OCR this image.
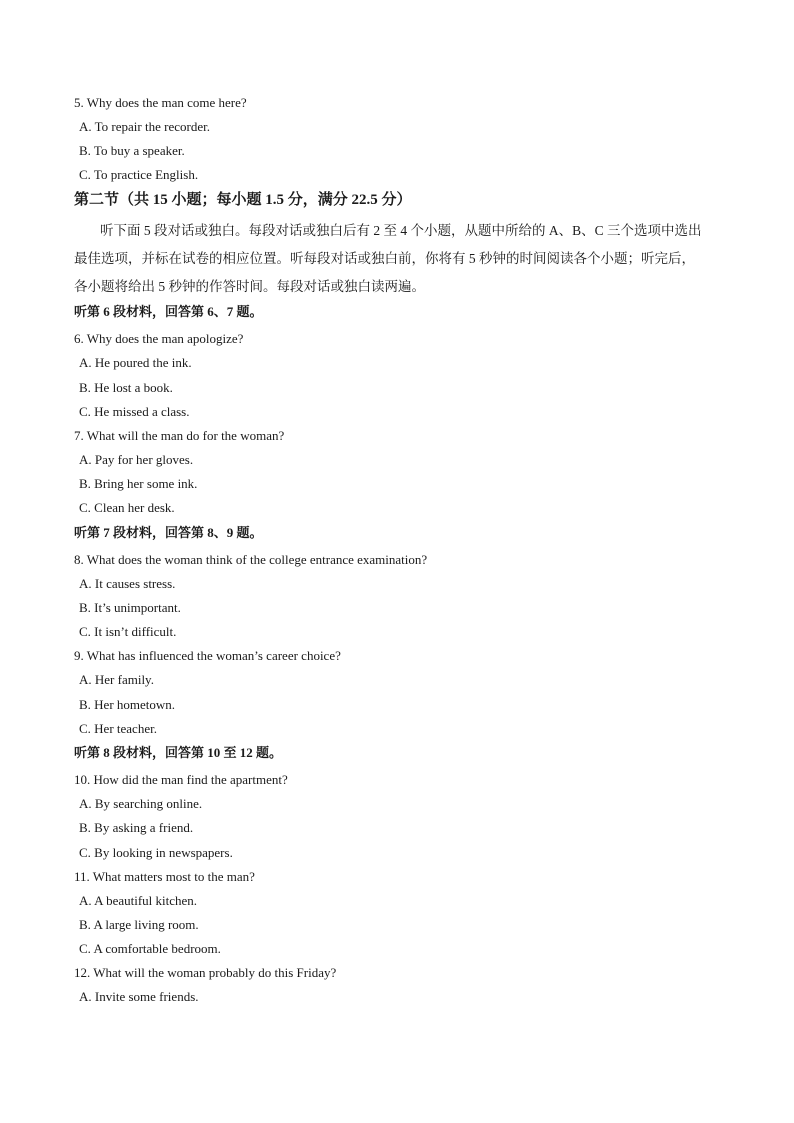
5. Why does the man come here?
A. To repair the recorder.
B. To buy a speaker.
C. To practice English.
第二节（共 15 小题；每小题 1.5 分，满分 22.5 分）
听下面 5 段对话或独白。每段对话或独白后有 2 至 4 个小题，从题中所给的 A、B、C 三个选项中选出
最佳选项，并标在试卷的相应位置。听每段对话或独白前，你将有 5 秒钟的时间阅读各个小题；听完后，
各小题将给出 5 秒钟的作答时间。每段对话或独白读两遍。
听第 6 段材料，回答第 6、7 题。
6. Why does the man apologize?
A. He poured the ink.
B. He lost a book.
C. He missed a class.
7. What will the man do for the woman?
A. Pay for her gloves.
B. Bring her some ink.
C. Clean her desk.
听第 7 段材料，回答第 8、9 题。
8. What does the woman think of the college entrance examination?
A. It causes stress.
B. It’s unimportant.
C. It isn’t difficult.
9. What has influenced the woman’s career choice?
A. Her family.
B. Her hometown.
C. Her teacher.
听第 8 段材料，回答第 10 至 12 题。
10. How did the man find the apartment?
A. By searching online.
B. By asking a friend.
C. By looking in newspapers.
11. What matters most to the man?
A. A beautiful kitchen.
B. A large living room.
C. A comfortable bedroom.
12. What will the woman probably do this Friday?
A. Invite some friends.
